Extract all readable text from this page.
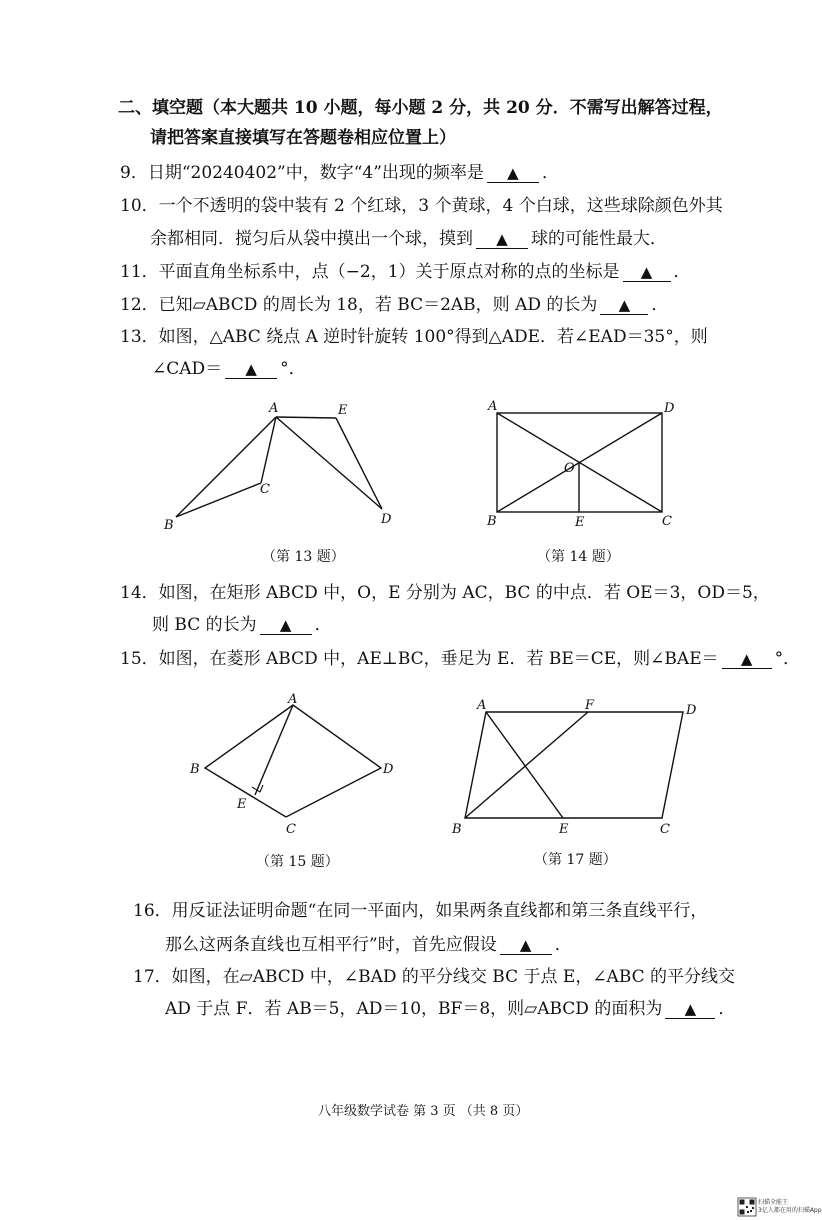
二、填空题（本大题共 10 小题，每小题 2 分，共 20 分．不需写出解答过程，
请把答案直接填写在答题卷相应位置上）
9．日期“20240402”中，数字“4”出现的频率是 ▲ ．
10．一个不透明的袋中装有 2 个红球，3 个黄球，4 个白球，这些球除颜色外其
余都相同．搅匀后从袋中摸出一个球，摸到 ▲ 球的可能性最大．
11．平面直角坐标系中，点（−2，1）关于原点对称的点的坐标是 ▲ ．
12．已知▱ABCD 的周长为 18，若 BC＝2AB，则 AD 的长为 ▲ ．
13．如图，△ABC 绕点 A 逆时针旋转 100°得到△ADE．若∠EAD＝35°，则
∠CAD＝ ▲ °．
A	E
C
B	D
（第 13 题）
A	D
O
B	E	C
（第 14 题）
14．如图，在矩形 ABCD 中，O，E 分别为 AC，BC 的中点．若 OE＝3，OD＝5，
则 BC 的长为 ▲ ．
15．如图，在菱形 ABCD 中，AE⊥BC，垂足为 E．若 BE＝CE，则∠BAE＝ ▲ °．
A
B	D
E
C
（第 15 题）
A	F	D
B	E	C
（第 17 题）
16．用反证法证明命题“在同一平面内，如果两条直线都和第三条直线平行，
那么这两条直线也互相平行”时，首先应假设 ▲ ．
17．如图，在▱ABCD 中，∠BAD 的平分线交 BC 于点 E，∠ABC 的平分线交
AD 于点 F．若 AB＝5，AD＝10，BF＝8，则▱ABCD 的面积为 ▲ ．
八年级数学试卷 第 3 页 （共 8 页）
扫描全能王
3亿人都在用的扫描App
